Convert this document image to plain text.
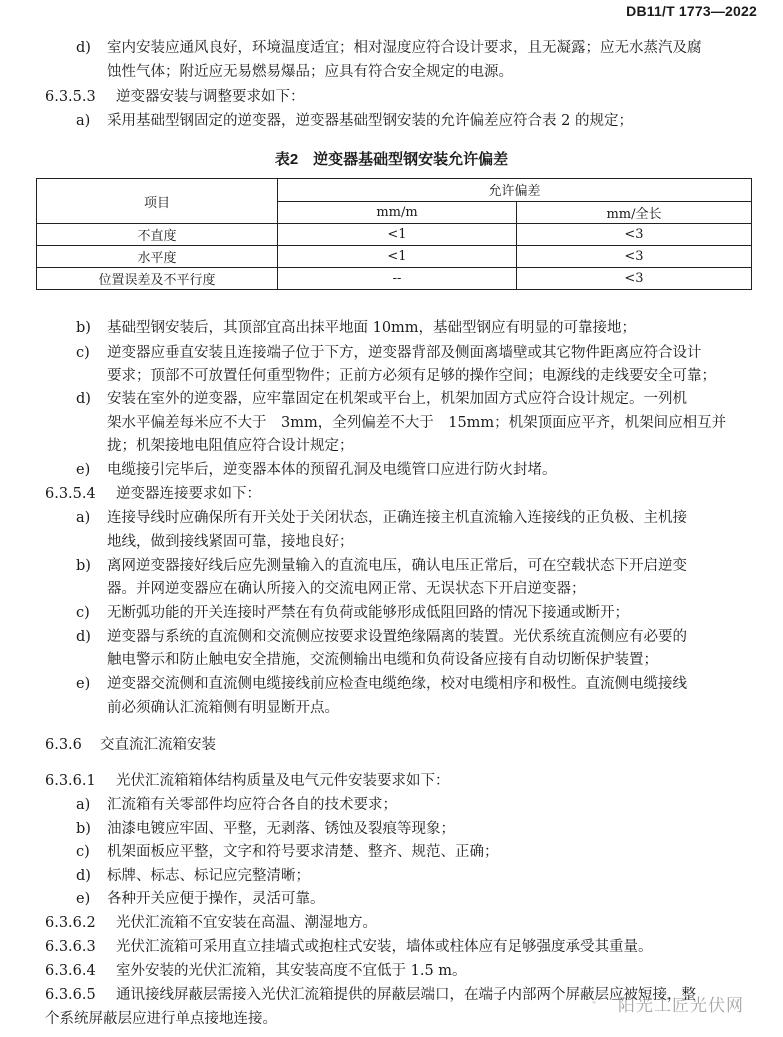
DB11/T 1773—2022
d) 室内安装应通风良好，环境温度适宜；相对湿度应符合设计要求，且无凝露；应无水蒸汽及腐
蚀性气体；附近应无易燃易爆品；应具有符合安全规定的电源。
6.3.5.3 逆变器安装与调整要求如下：
a) 采用基础型钢固定的逆变器，逆变器基础型钢安装的允许偏差应符合表 2 的规定；
表2　逆变器基础型钢安装允许偏差
项目	允许偏差	
	mm/m	mm/全长
不直度	<1	<3
水平度	<1	<3
位置误差及不平行度	--	<3
b) 基础型钢安装后，其顶部宜高出抹平地面 10mm，基础型钢应有明显的可靠接地；
c) 逆变器应垂直安装且连接端子位于下方，逆变器背部及侧面离墙壁或其它物件距离应符合设计
要求；顶部不可放置任何重型物件；正前方必须有足够的操作空间；电源线的走线要安全可靠；
d) 安装在室外的逆变器，应牢靠固定在机架或平台上，机架加固方式应符合设计规定。一列机
架水平偏差每米应不大于　3mm，全列偏差不大于　15mm；机架顶面应平齐，机架间应相互并
拢；机架接地电阻值应符合设计规定；
e) 电缆接引完毕后，逆变器本体的预留孔洞及电缆管口应进行防火封堵。
6.3.5.4 逆变器连接要求如下：
a) 连接导线时应确保所有开关处于关闭状态，正确连接主机直流输入连接线的正负极、主机接
地线，做到接线紧固可靠，接地良好；
b) 离网逆变器接好线后应先测量输入的直流电压，确认电压正常后，可在空载状态下开启逆变
器。并网逆变器应在确认所接入的交流电网正常、无误状态下开启逆变器；
c) 无断弧功能的开关连接时严禁在有负荷或能够形成低阻回路的情况下接通或断开；
d) 逆变器与系统的直流侧和交流侧应按要求设置绝缘隔离的装置。光伏系统直流侧应有必要的
触电警示和防止触电安全措施，交流侧输出电缆和负荷设备应接有自动切断保护装置；
e) 逆变器交流侧和直流侧电缆接线前应检查电缆绝缘，校对电缆相序和极性。直流侧电缆接线
前必须确认汇流箱侧有明显断开点。
6.3.6 交直流汇流箱安装
6.3.6.1 光伏汇流箱箱体结构质量及电气元件安装要求如下：
a) 汇流箱有关零部件均应符合各自的技术要求；
b) 油漆电镀应牢固、平整，无剥落、锈蚀及裂痕等现象；
c) 机架面板应平整，文字和符号要求清楚、整齐、规范、正确；
d) 标牌、标志、标记应完整清晰；
e) 各种开关应便于操作，灵活可靠。
6.3.6.2 光伏汇流箱不宜安装在高温、潮湿地方。
6.3.6.3 光伏汇流箱可采用直立挂墙式或抱柱式安装，墙体或柱体应有足够强度承受其重量。
6.3.6.4 室外安装的光伏汇流箱，其安装高度不宜低于 1.5 m。
6.3.6.5 通讯接线屏蔽层需接入光伏汇流箱提供的屏蔽层端口，在端子内部两个屏蔽层应被短接，整
个系统屏蔽层应进行单点接地连接。
阳光工匠光伏网
